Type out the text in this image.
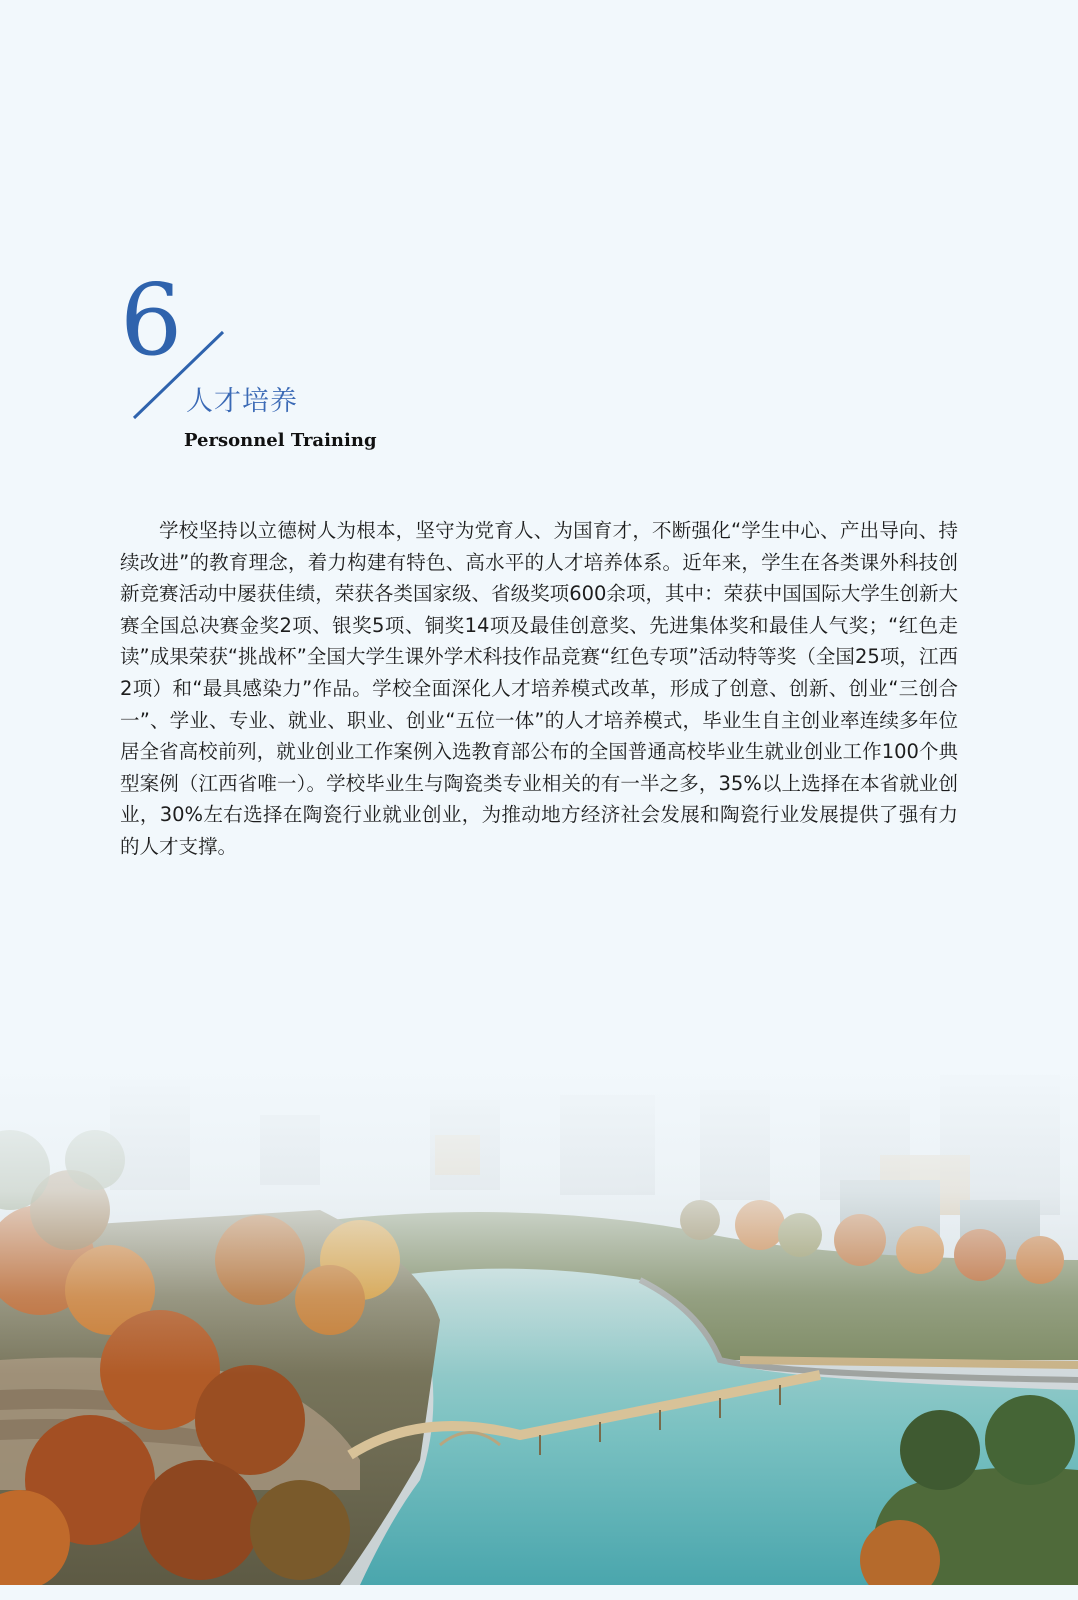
6
人才培养
Personnel Training

学校坚持以立德树人为根本，坚守为党育人、为国育才，不断强化“学生中心、产出导向、持续改进”的教育理念，着力构建有特色、高水平的人才培养体系。近年来，学生在各类课外科技创新竞赛活动中屡获佳绩，荣获各类国家级、省级奖项600余项，其中：荣获中国国际大学生创新大赛全国总决赛金奖2项、银奖5项、铜奖14项及最佳创意奖、先进集体奖和最佳人气奖；“红色走读”成果荣获“挑战杯”全国大学生课外学术科技作品竞赛“红色专项”活动特等奖（全国25项，江西2项）和“最具感染力”作品。学校全面深化人才培养模式改革，形成了创意、创新、创业“三创合一”、学业、专业、就业、职业、创业“五位一体”的人才培养模式，毕业生自主创业率连续多年位居全省高校前列，就业创业工作案例入选教育部公布的全国普通高校毕业生就业创业工作100个典型案例（江西省唯一）。学校毕业生与陶瓷类专业相关的有一半之多，35%以上选择在本省就业创业，30%左右选择在陶瓷行业就业创业，为推动地方经济社会发展和陶瓷行业发展提供了强有力的人才支撑。
